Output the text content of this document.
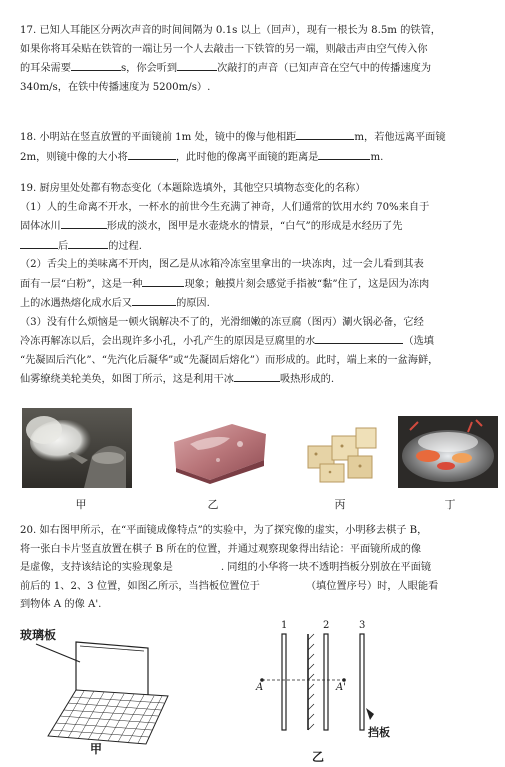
17. 已知人耳能区分两次声音的时间间隔为 0.1s 以上（回声），现有一根长为 8.5m 的铁管，
如果你将耳朵贴在铁管的一端让另一个人去敲击一下铁管的另一端，则敲击声由空气传入你
的耳朵需要	s，你会听到	次敲打的声音（已知声音在空气中的传播速度为
340m/s，在铁中传播速度为 5200m/s）.
18. 小明站在竖直放置的平面镜前 1m 处，镜中的像与他相距	m，若他远离平面镜
2m，则镜中像的大小将	，此时他的像离平面镜的距离是	m.
19. 厨房里处处都有物态变化（本题除选填外，其他空只填物态变化的名称）
（1）人的生命离不开水，一杯水的前世今生充满了神奇，人们通常的饮用水约 70%来自于
固体冰川	形成的淡水，图甲是水壶烧水的情景，“白气”的形成是水经历了先
后	的过程.
（2）舌尖上的美味离不开肉，图乙是从冰箱冷冻室里拿出的一块冻肉，过一会儿看到其表
面有一层“白粉”，这是一种	现象；触摸片刻会感觉手指被“黏”住了，这是因为冻肉
上的冰遇热熔化成水后又	的原因.
（3）没有什么烦恼是一顿火锅解决不了的，光滑细嫩的冻豆腐（图丙）涮火锅必备，它经
冷冻再解冻以后，会出现许多小孔，小孔产生的原因是豆腐里的水	（选填
“先凝固后汽化”、“先汽化后凝华”或“先凝固后熔化”）而形成的。此时，端上来的一盆海鲜，
仙雾缭绕美轮美奂，如图丁所示，这是利用干冰	吸热形成的.
甲	乙	丙	丁
20. 如右图甲所示，在“平面镜成像特点”的实验中，为了探究像的虚实，小明移去棋子 B，
将一张白卡片竖直放置在棋子 B 所在的位置，并通过观察现象得出结论：平面镜所成的像
是虚像，支持该结论的实验现象是	. 同组的小华将一块不透明挡板分别放在平面镜
前后的 1、2、3 位置，如图乙所示，当挡板位置位于	（填位置序号）时，人眼能看
到物体 A 的像 A'.
玻璃板
甲
1	2	3
A	A'
挡板
乙
